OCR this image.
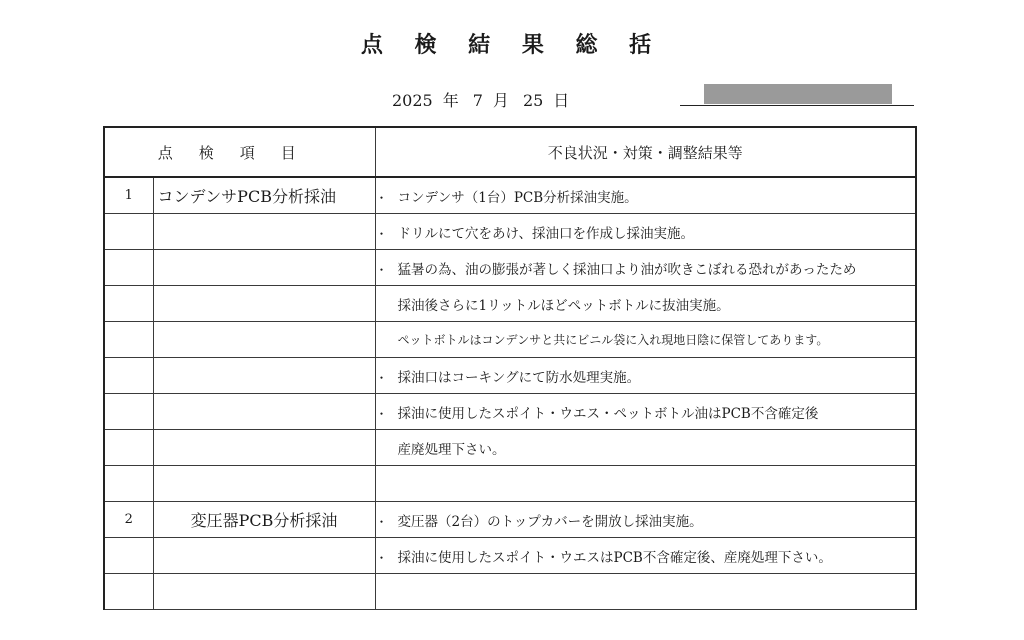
点 検 結 果 総 括
2025 年 7 月 25 日
点検項目		不良状況・対策・調整結果等
1	コンデンサPCB分析採油	・ コンデンサ（1台）PCB分析採油実施。
		・ ドリルにて穴をあけ、採油口を作成し採油実施。
		・ 猛暑の為、油の膨張が著しく採油口より油が吹きこぼれる恐れがあったため
		採油後さらに1リットルほどペットボトルに抜油実施。
		ペットボトルはコンデンサと共にビニル袋に入れ現地日陰に保管してあります。
		・ 採油口はコーキングにて防水処理実施。
		・ 採油に使用したスポイト・ウエス・ペットボトル油はPCB不含確定後
		産廃処理下さい。

2	変圧器PCB分析採油	・ 変圧器（2台）のトップカバーを開放し採油実施。
		・ 採油に使用したスポイト・ウエスはPCB不含確定後、産廃処理下さい。
